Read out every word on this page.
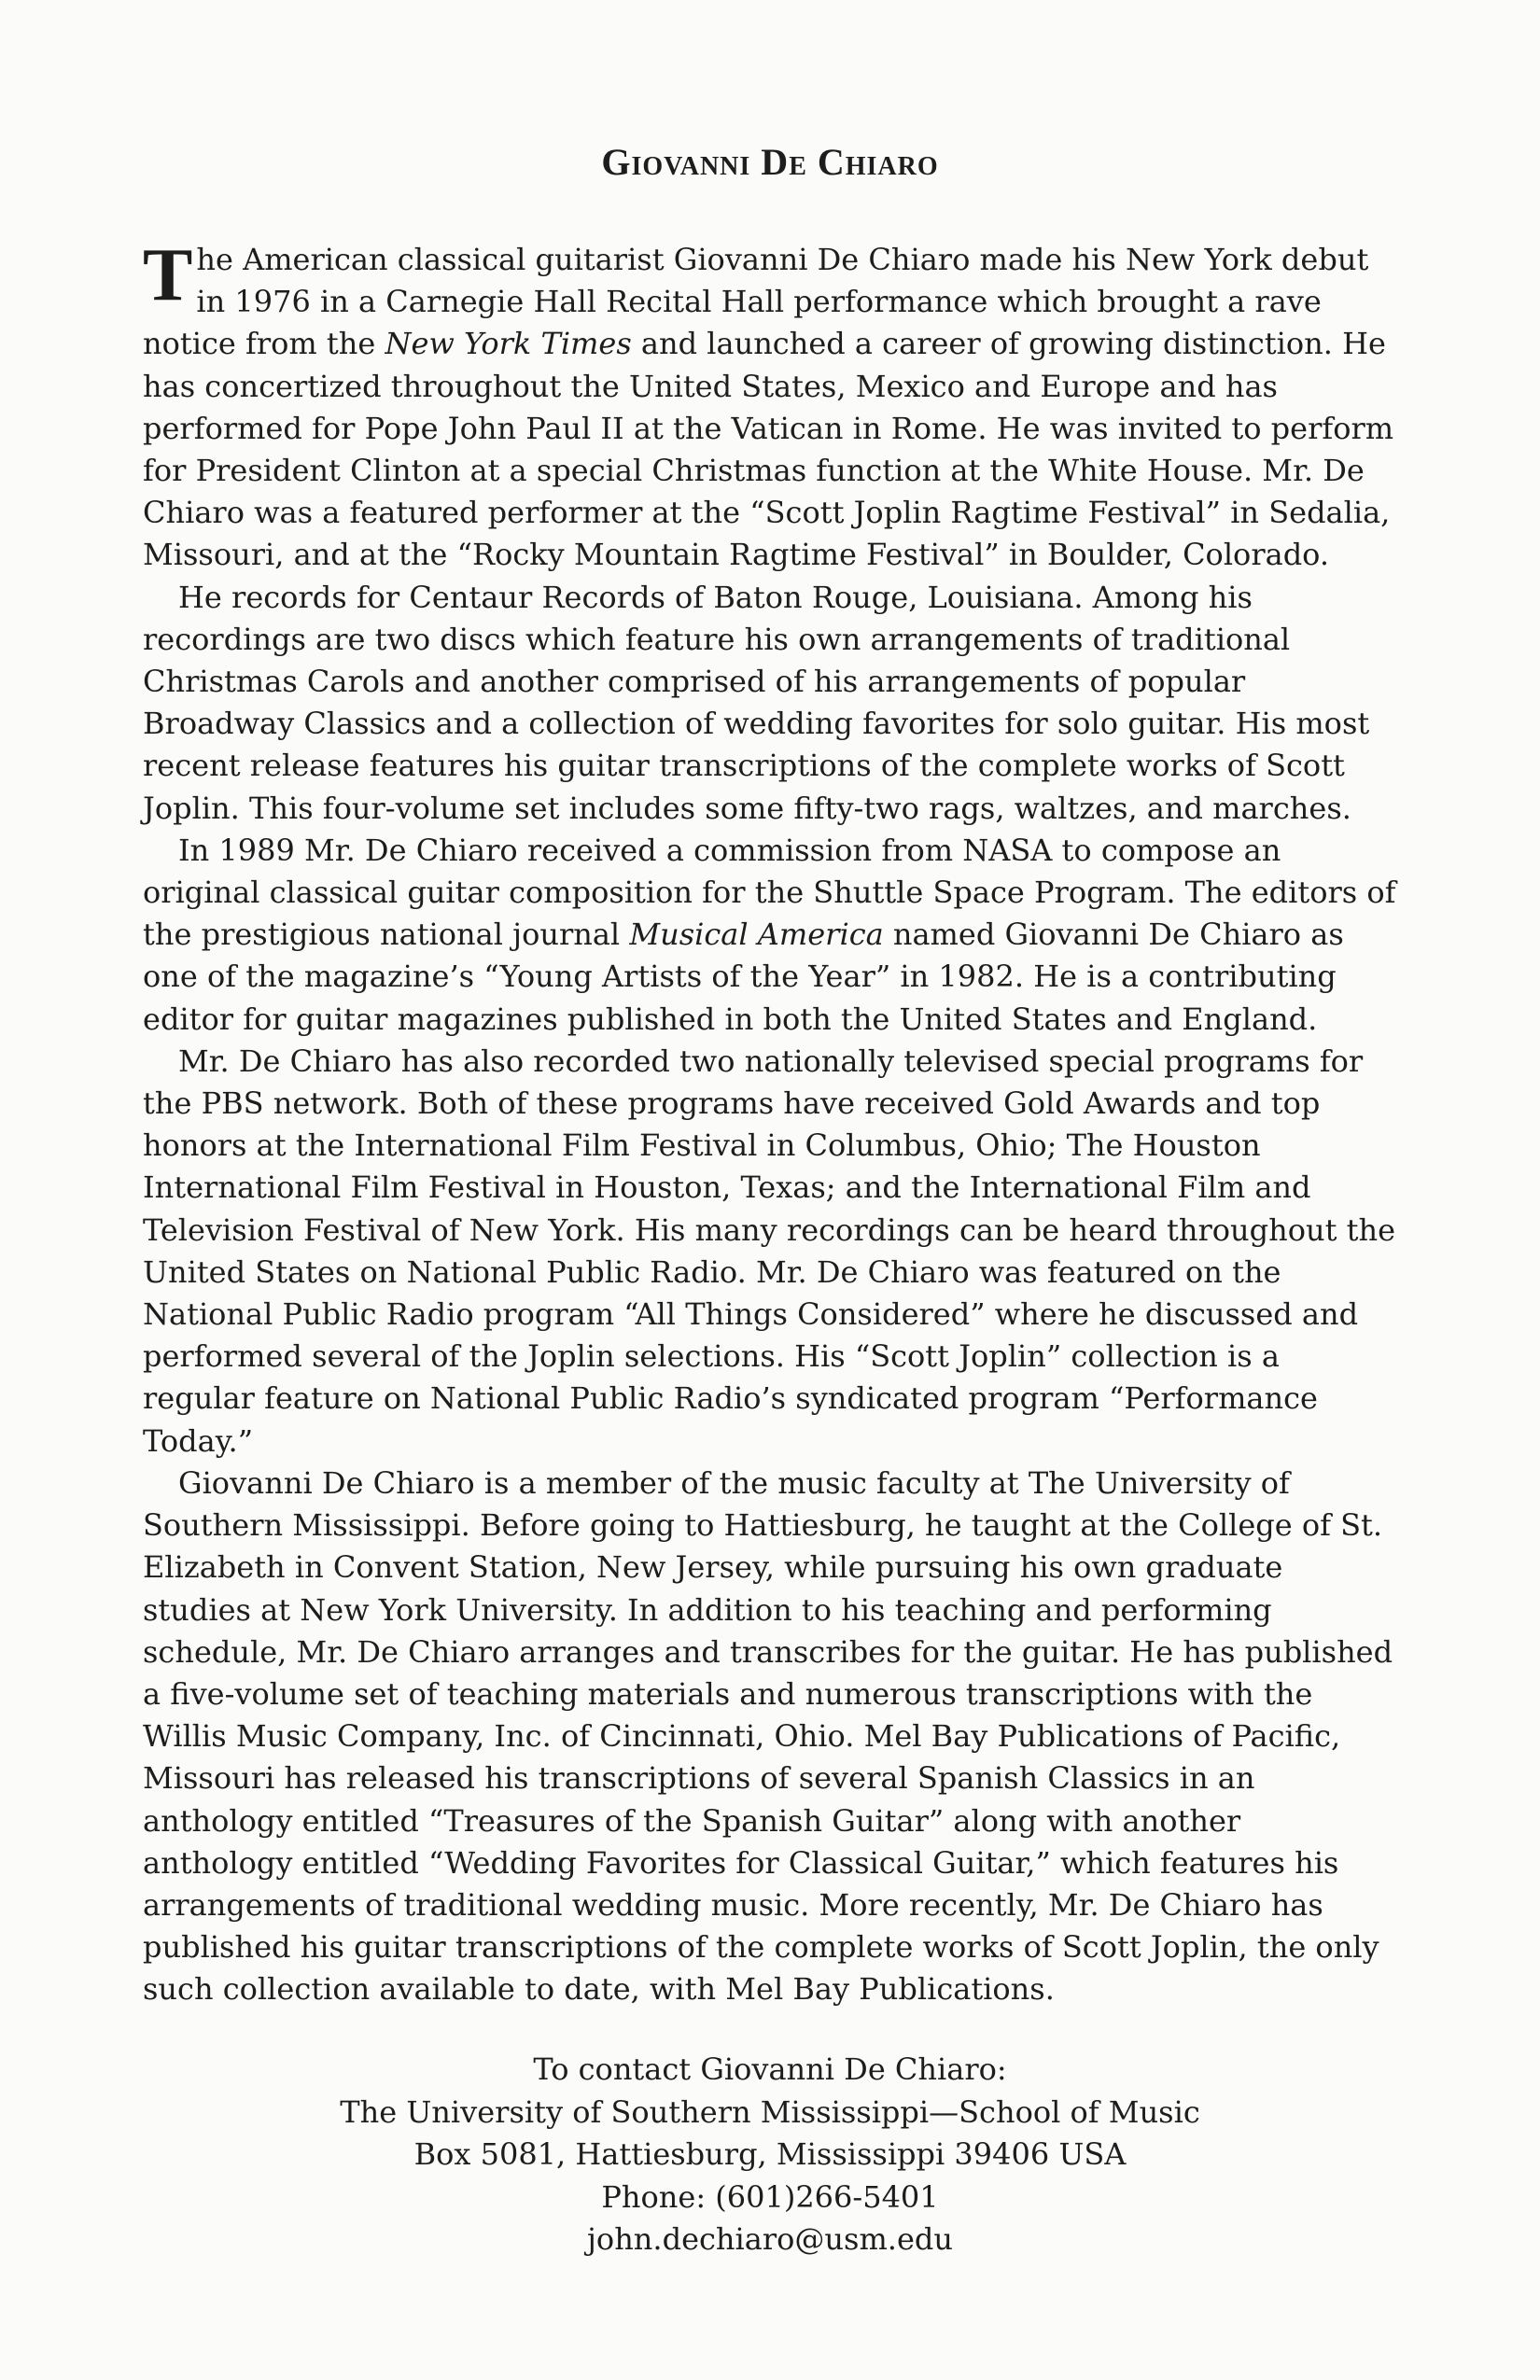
Giovanni De Chiaro

The American classical guitarist Giovanni De Chiaro made his New York debut in 1976 in a Carnegie Hall Recital Hall performance which brought a rave notice from the New York Times and launched a career of growing distinction. He has concertized throughout the United States, Mexico and Europe and has performed for Pope John Paul II at the Vatican in Rome. He was invited to perform for President Clinton at a special Christmas function at the White House. Mr. De Chiaro was a featured performer at the “Scott Joplin Ragtime Festival” in Sedalia, Missouri, and at the “Rocky Mountain Ragtime Festival” in Boulder, Colorado.

He records for Centaur Records of Baton Rouge, Louisiana. Among his recordings are two discs which feature his own arrangements of traditional Christmas Carols and another comprised of his arrangements of popular Broadway Classics and a collection of wedding favorites for solo guitar. His most recent release features his guitar transcriptions of the complete works of Scott Joplin. This four-volume set includes some fifty-two rags, waltzes, and marches.

In 1989 Mr. De Chiaro received a commission from NASA to compose an original classical guitar composition for the Shuttle Space Program. The editors of the prestigious national journal Musical America named Giovanni De Chiaro as one of the magazine’s “Young Artists of the Year” in 1982. He is a contributing editor for guitar magazines published in both the United States and England.

Mr. De Chiaro has also recorded two nationally televised special programs for the PBS network. Both of these programs have received Gold Awards and top honors at the International Film Festival in Columbus, Ohio; The Houston International Film Festival in Houston, Texas; and the International Film and Television Festival of New York. His many recordings can be heard throughout the United States on National Public Radio. Mr. De Chiaro was featured on the National Public Radio program “All Things Considered” where he discussed and performed several of the Joplin selections. His “Scott Joplin” collection is a regular feature on National Public Radio’s syndicated program “Performance Today.”

Giovanni De Chiaro is a member of the music faculty at The University of Southern Mississippi. Before going to Hattiesburg, he taught at the College of St. Elizabeth in Convent Station, New Jersey, while pursuing his own graduate studies at New York University. In addition to his teaching and performing schedule, Mr. De Chiaro arranges and transcribes for the guitar. He has published a five-volume set of teaching materials and numerous transcriptions with the Willis Music Company, Inc. of Cincinnati, Ohio. Mel Bay Publications of Pacific, Missouri has released his transcriptions of several Spanish Classics in an anthology entitled “Treasures of the Spanish Guitar” along with another anthology entitled “Wedding Favorites for Classical Guitar,” which features his arrangements of traditional wedding music. More recently, Mr. De Chiaro has published his guitar transcriptions of the complete works of Scott Joplin, the only such collection available to date, with Mel Bay Publications.

To contact Giovanni De Chiaro:
The University of Southern Mississippi—School of Music
Box 5081, Hattiesburg, Mississippi 39406 USA
Phone: (601)266-5401
john.dechiaro@usm.edu
